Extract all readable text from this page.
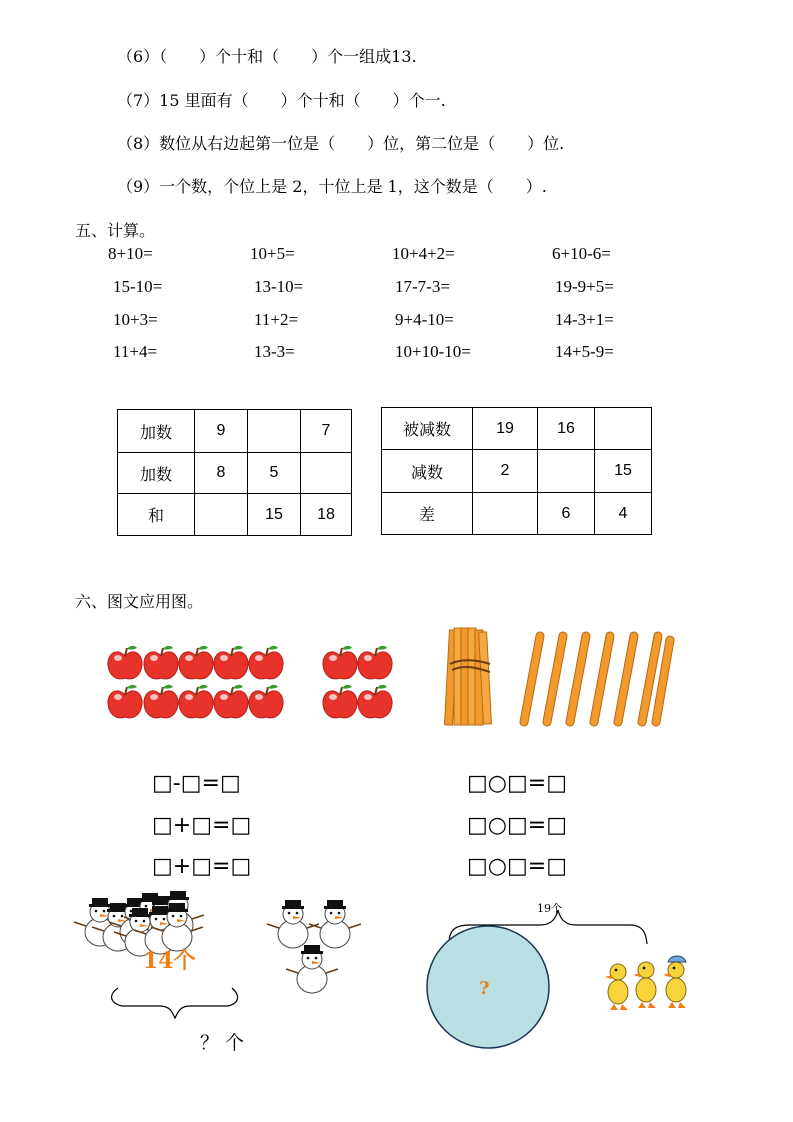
（6）（　　）个十和（　　）个一组成13.
（7）15 里面有（　　）个十和（　　）个一.
（8）数位从右边起第一位是（　　）位，第二位是（　　）位.
（9）一个数，个位上是 2，十位上是 1，这个数是（　　）.
五、计算。
8+10=	10+5=	10+4+2=	6+10-6=
15-10=	13-10=	17-7-3=	19-9+5=
10+3=	11+2=	9+4-10=	14-3+1=
11+4=	13-3=	10+10-10=	14+5-9=
加数	9		7
加数	8	5	
和		15	18
被减数	19	16	
减数	2		15
差		6	4
六、图文应用图。
□-□=□
□+□=□
□+□=□
□○□=□
□○□=□
□○□=□
14个
？ 个
19个
?
